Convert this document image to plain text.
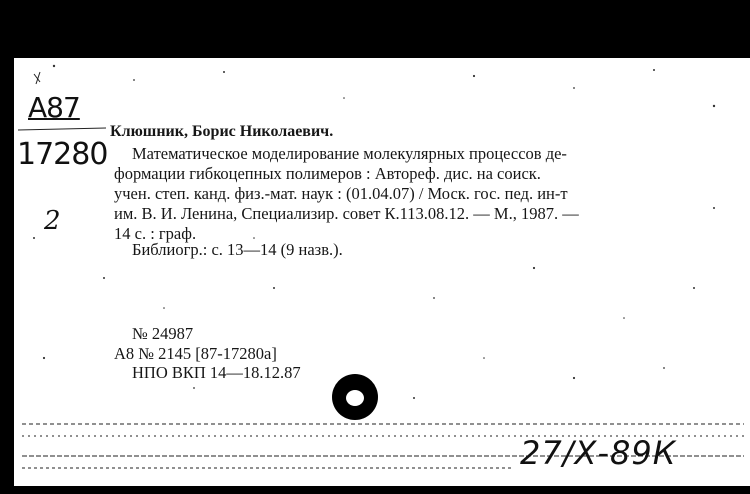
А87
17280
2
Клюшник, Борис Николаевич.
Математическое моделирование молекулярных процессов де-
формации гибкоцепных полимеров : Автореф. дис. на соиск.
учен. степ. канд. физ.-мат. наук : (01.04.07) / Моск. гос. пед. ин-т
им. В. И. Ленина, Специализир. совет К.113.08.12. — М., 1987. —
14 с. : граф.
Библиогр.: с. 13—14 (9 назв.).
№ 24987
А8 № 2145 [87-17280а]
НПО ВКП 14—18.12.87
27/Х-89К
